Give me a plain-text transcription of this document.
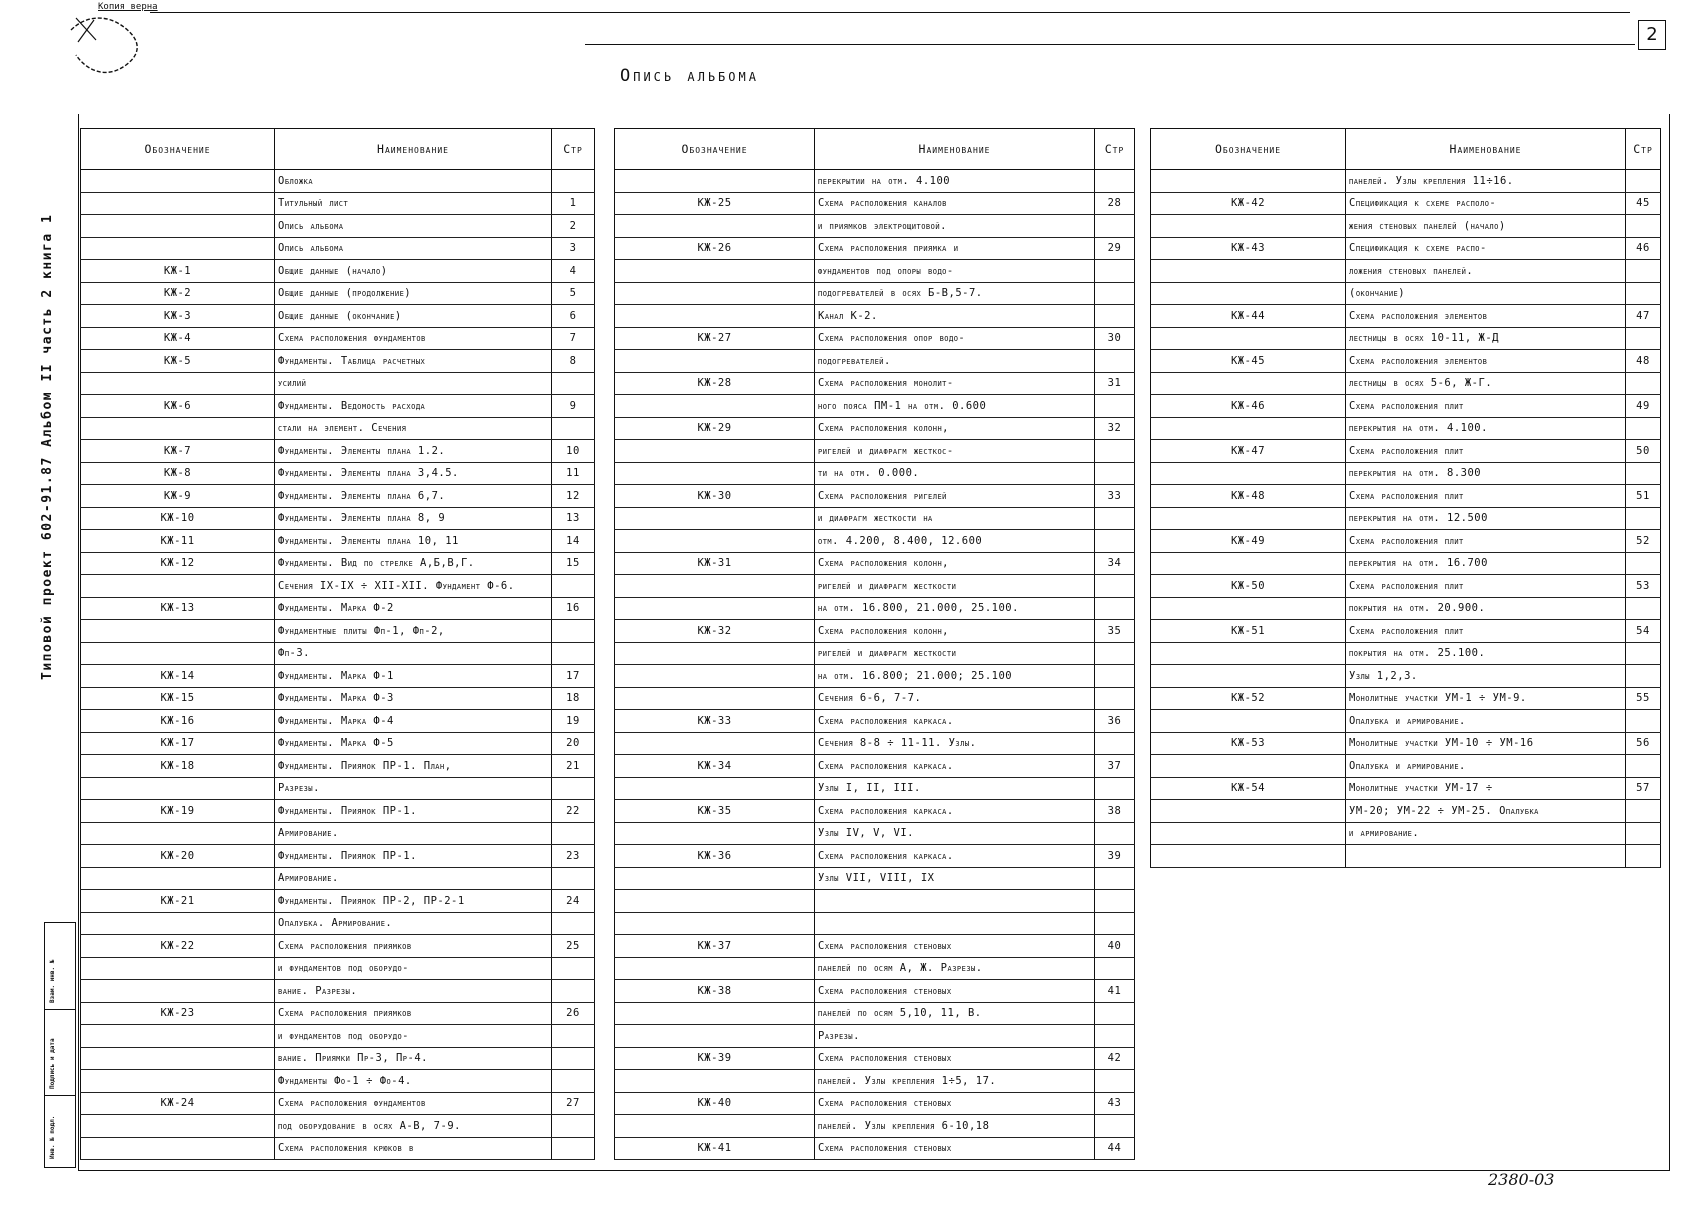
Копия верна
2
Опись альбома
Типовой проект 602-91.87 Альбом II часть 2 книга 1
Обозначение	Наименование	Стр
	Обложка	
	Титульный лист	1
	Опись альбома	2
	Опись альбома	3
КЖ-1	Общие данные (начало)	4
КЖ-2	Общие данные (продолжение)	5
КЖ-3	Общие данные (окончание)	6
КЖ-4	Схема расположения фундаментов	7
КЖ-5	Фундаменты. Таблица расчетных	8
	усилий	
КЖ-6	Фундаменты. Ведомость расхода	9
	стали на элемент. Сечения	
КЖ-7	Фундаменты. Элементы плана 1.2.	10
КЖ-8	Фундаменты. Элементы плана 3,4.5.	11
КЖ-9	Фундаменты. Элементы плана 6,7.	12
КЖ-10	Фундаменты. Элементы плана 8, 9	13
КЖ-11	Фундаменты. Элементы плана 10, 11	14
КЖ-12	Фундаменты. Вид по стрелке А,Б,В,Г.	15
	Сечения IX-IX ÷ XII-XII. Фундамент Ф-6.	
КЖ-13	Фундаменты. Марка Ф-2	16
	Фундаментные плиты Фп-1, Фп-2,	
	Фп-3.	
КЖ-14	Фундаменты. Марка Ф-1	17
КЖ-15	Фундаменты. Марка Ф-3	18
КЖ-16	Фундаменты. Марка Ф-4	19
КЖ-17	Фундаменты. Марка Ф-5	20
КЖ-18	Фундаменты. Приямок ПР-1. План,	21
	Разрезы.	
КЖ-19	Фундаменты. Приямок ПР-1.	22
	Армирование.	
КЖ-20	Фундаменты. Приямок ПР-1.	23
	Армирование.	
КЖ-21	Фундаменты. Приямок ПР-2, ПР-2-1	24
	Опалубка. Армирование.	
КЖ-22	Схема расположения приямков	25
	и фундаментов под оборудо-	
	вание. Разрезы.	
КЖ-23	Схема расположения приямков	26
	и фундаментов под оборудо-	
	вание. Приямки Пр-3, Пр-4.	
	Фундаменты Фо-1 ÷ Фо-4.	
КЖ-24	Схема расположения фундаментов	27
	под оборудование в осях А-В, 7-9.	
	Схема расположения крюков в	
Обозначение	Наименование	Стр
	перекрытии на отм. 4.100	
КЖ-25	Схема расположения каналов	28
	и приямков электрощитовой.	
КЖ-26	Схема расположения приямка и	29
	фундаментов под опоры водо-	
	подогревателей в осях Б-В,5-7.	
	Канал К-2.	
КЖ-27	Схема расположения опор водо-	30
	подогревателей.	
КЖ-28	Схема расположения монолит-	31
	ного пояса ПМ-1 на отм. 0.600	
КЖ-29	Схема расположения колонн,	32
	ригелей и диафрагм жесткос-	
	ти на отм. 0.000.	
КЖ-30	Схема расположения ригелей	33
	и диафрагм жесткости на	
	отм. 4.200, 8.400, 12.600	
КЖ-31	Схема расположения колонн,	34
	ригелей и диафрагм жесткости	
	на отм. 16.800, 21.000, 25.100.	
КЖ-32	Схема расположения колонн,	35
	ригелей и диафрагм жесткости	
	на отм. 16.800; 21.000; 25.100	
	Сечения 6-6, 7-7.	
КЖ-33	Схема расположения каркаса.	36
	Сечения 8-8 ÷ 11-11. Узлы.	
КЖ-34	Схема расположения каркаса.	37
	Узлы I, II, III.	
КЖ-35	Схема расположения каркаса.	38
	Узлы IV, V, VI.	
КЖ-36	Схема расположения каркаса.	39
	Узлы VII, VIII, IX	

КЖ-37	Схема расположения стеновых	40
	панелей по осям А, Ж. Разрезы.	
КЖ-38	Схема расположения стеновых	41
	панелей по осям 5,10, 11, В.	
	Разрезы.	
КЖ-39	Схема расположения стеновых	42
	панелей. Узлы крепления 1÷5, 17.	
КЖ-40	Схема расположения стеновых	43
	панелей. Узлы крепления 6-10,18	
КЖ-41	Схема расположения стеновых	44
Обозначение	Наименование	Стр
	панелей. Узлы крепления 11÷16.	
КЖ-42	Спецификация к схеме располо-	45
	жения стеновых панелей (начало)	
КЖ-43	Спецификация к схеме распо-	46
	ложения стеновых панелей.	
	(окончание)	
КЖ-44	Схема расположения элементов	47
	лестницы в осях 10-11, Ж-Д	
КЖ-45	Схема расположения элементов	48
	лестницы в осях 5-6, Ж-Г.	
КЖ-46	Схема расположения плит	49
	перекрытия на отм. 4.100.	
КЖ-47	Схема расположения плит	50
	перекрытия на отм. 8.300	
КЖ-48	Схема расположения плит	51
	перекрытия на отм. 12.500	
КЖ-49	Схема расположения плит	52
	перекрытия на отм. 16.700	
КЖ-50	Схема расположения плит	53
	покрытия на отм. 20.900.	
КЖ-51	Схема расположения плит	54
	покрытия на отм. 25.100.	
	Узлы 1,2,3.	
КЖ-52	Монолитные участки УМ-1 ÷ УМ-9.	55
	Опалубка и армирование.	
КЖ-53	Монолитные участки УМ-10 ÷ УМ-16	56
	Опалубка и армирование.	
КЖ-54	Монолитные участки УМ-17 ÷	57
	УМ-20; УМ-22 ÷ УМ-25. Опалубка	
	и армирование.	

Взам. инв. №
Подпись и дата
Инв. № подл.
2380-03
